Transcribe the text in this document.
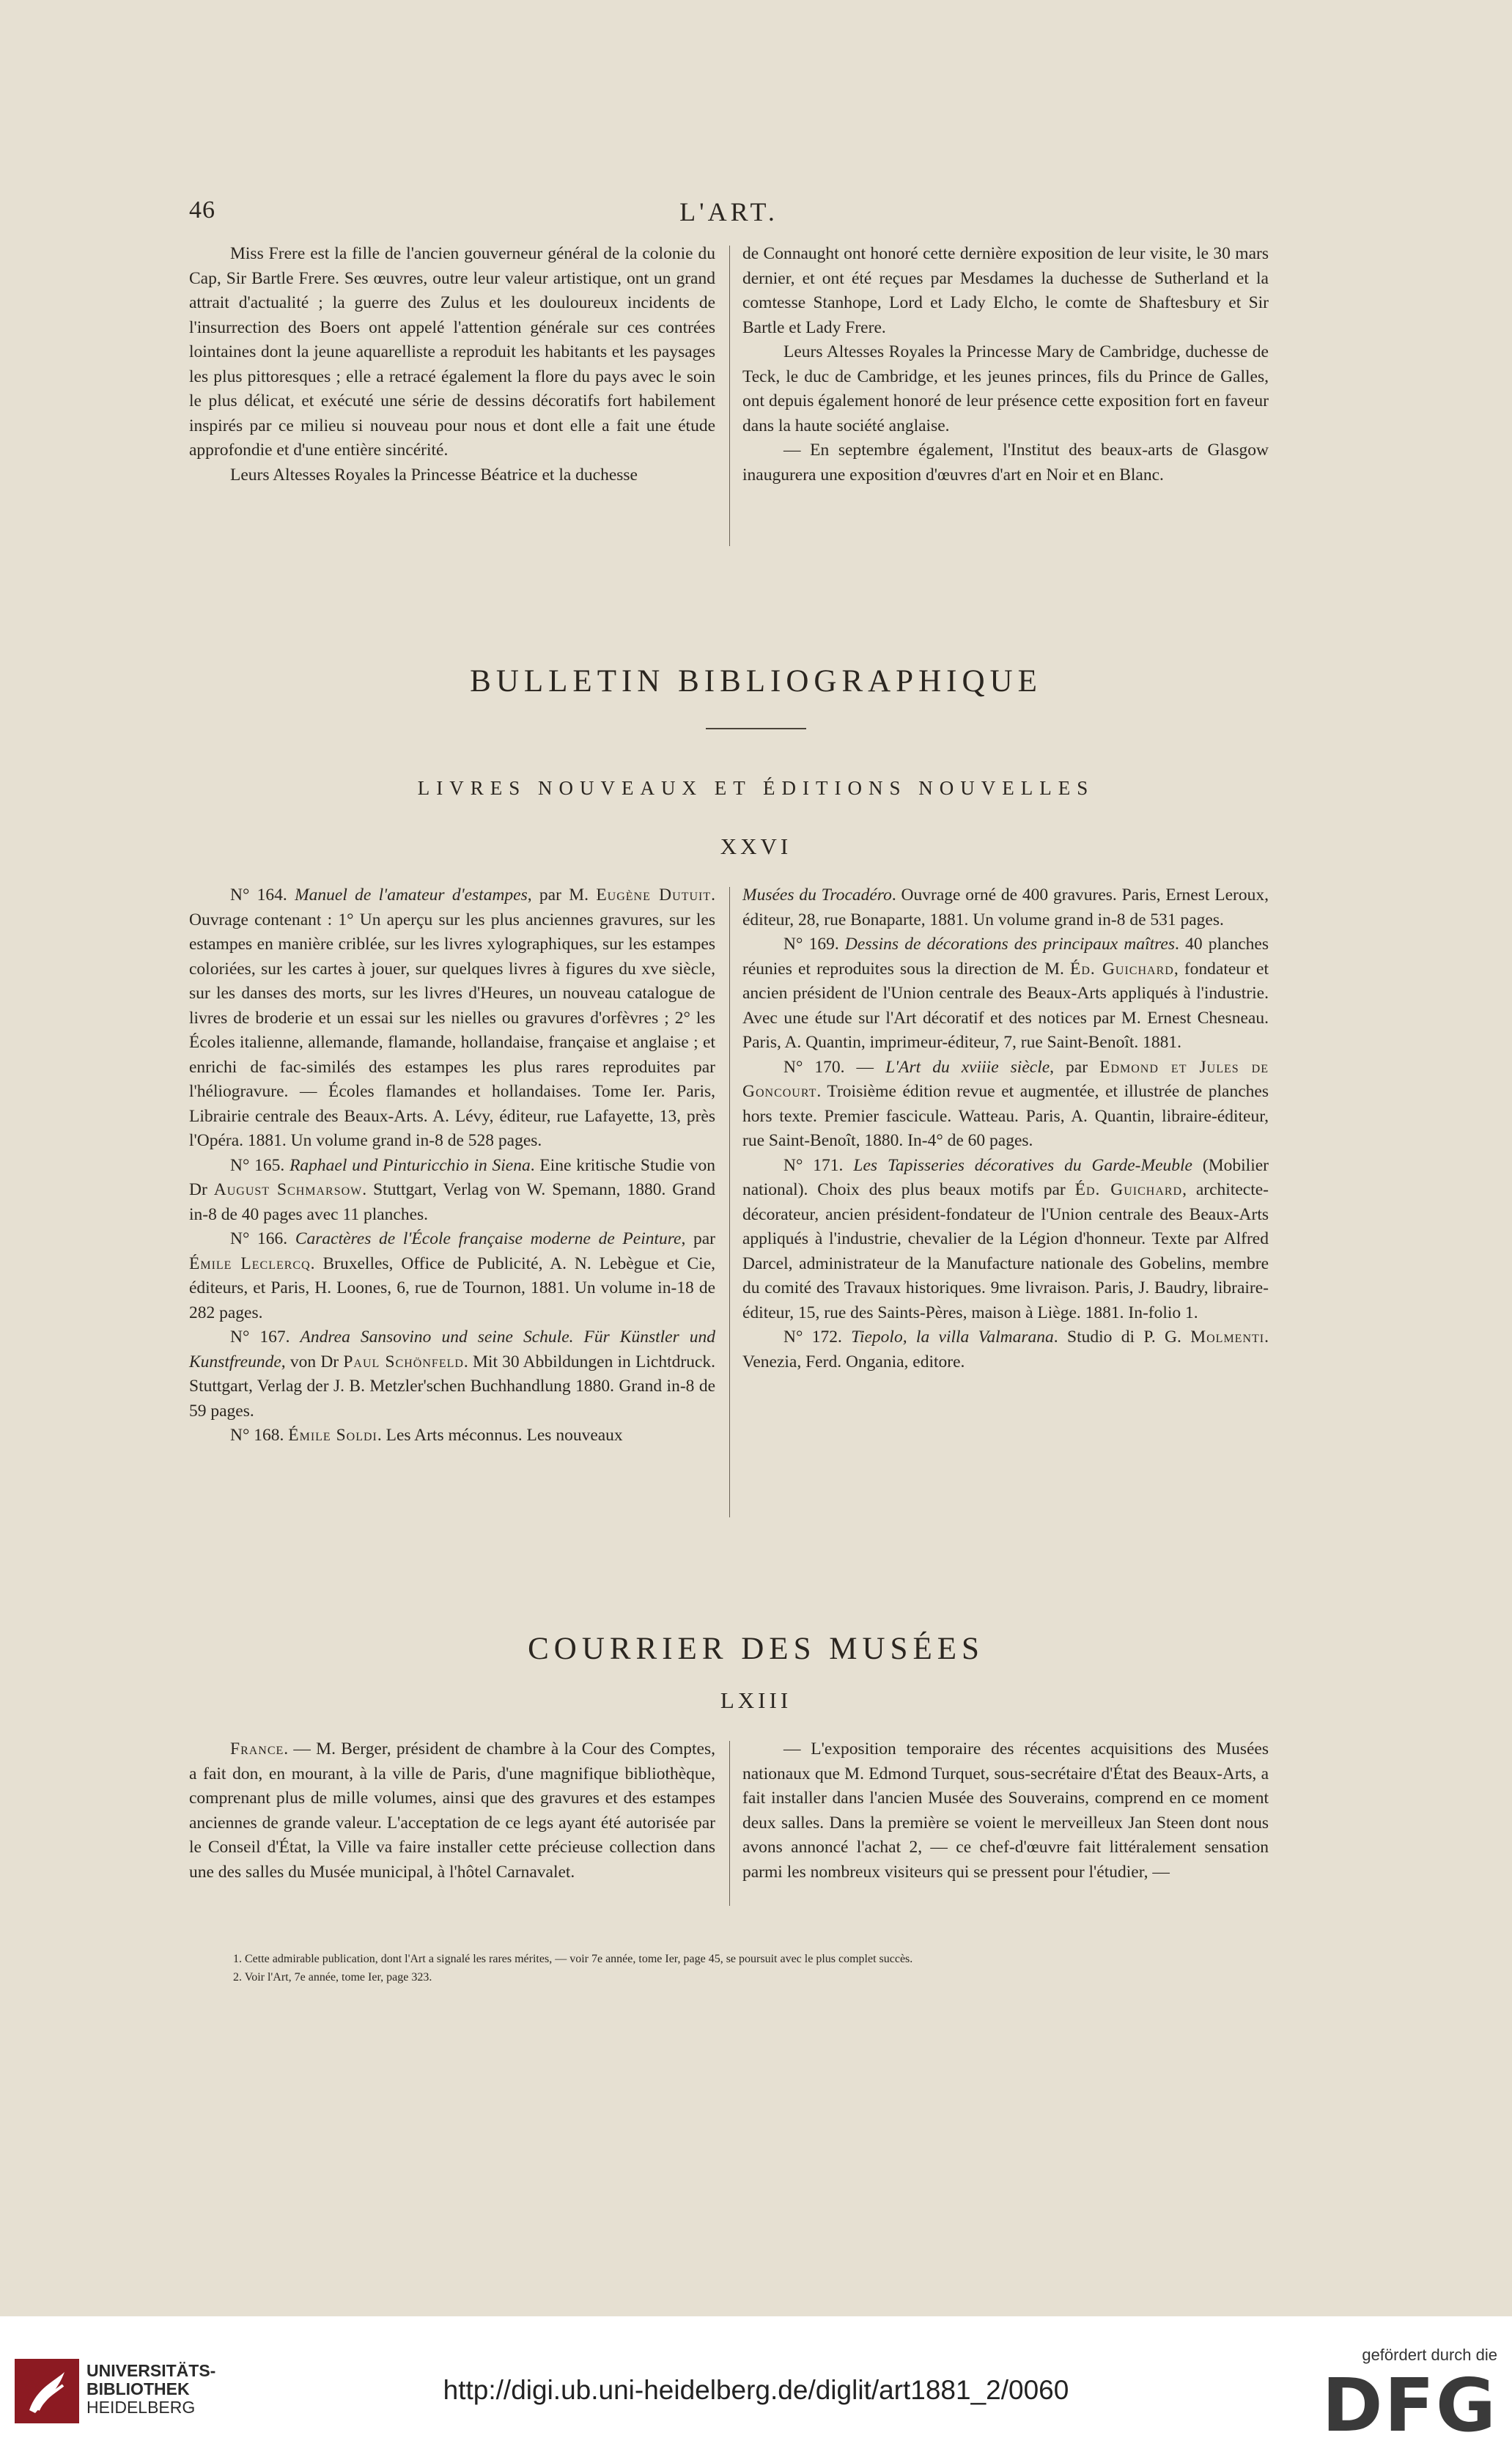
46	L'ART.

Miss Frere est la fille de l'ancien gouverneur général de la colonie du Cap, Sir Bartle Frere. Ses œuvres, outre leur valeur artistique, ont un grand attrait d'actualité ; la guerre des Zulus et les douloureux incidents de l'insurrection des Boers ont appelé l'attention générale sur ces contrées lointaines dont la jeune aquarelliste a reproduit les habitants et les paysages les plus pittoresques ; elle a retracé également la flore du pays avec le soin le plus délicat, et exécuté une série de dessins décoratifs fort habilement inspirés par ce milieu si nouveau pour nous et dont elle a fait une étude approfondie et d'une entière sincérité.

Leurs Altesses Royales la Princesse Béatrice et la duchesse

de Connaught ont honoré cette dernière exposition de leur visite, le 30 mars dernier, et ont été reçues par Mesdames la duchesse de Sutherland et la comtesse Stanhope, Lord et Lady Elcho, le comte de Shaftesbury et Sir Bartle et Lady Frere.

Leurs Altesses Royales la Princesse Mary de Cambridge, duchesse de Teck, le duc de Cambridge, et les jeunes princes, fils du Prince de Galles, ont depuis également honoré de leur présence cette exposition fort en faveur dans la haute société anglaise.

— En septembre également, l'Institut des beaux-arts de Glasgow inaugurera une exposition d'œuvres d'art en Noir et en Blanc.

BULLETIN BIBLIOGRAPHIQUE
LIVRES NOUVEAUX ET ÉDITIONS NOUVELLES
XXVI

N° 164. Manuel de l'amateur d'estampes, par M. Eugène Dutuit. Ouvrage contenant : 1° Un aperçu sur les plus anciennes gravures, sur les estampes en manière criblée, sur les livres xylographiques, sur les estampes coloriées, sur les cartes à jouer, sur quelques livres à figures du xve siècle, sur les danses des morts, sur les livres d'Heures, un nouveau catalogue de livres de broderie et un essai sur les nielles ou gravures d'orfèvres ; 2° les Écoles italienne, allemande, flamande, hollandaise, française et anglaise ; et enrichi de fac-similés des estampes les plus rares reproduites par l'héliogravure. — Écoles flamandes et hollandaises. Tome Ier. Paris, Librairie centrale des Beaux-Arts. A. Lévy, éditeur, rue Lafayette, 13, près l'Opéra. 1881. Un volume grand in-8 de 528 pages.

N° 165. Raphael und Pinturicchio in Siena. Eine kritische Studie von Dr August Schmarsow. Stuttgart, Verlag von W. Spemann, 1880. Grand in-8 de 40 pages avec 11 planches.

N° 166. Caractères de l'École française moderne de Peinture, par Émile Leclercq. Bruxelles, Office de Publicité, A. N. Lebègue et Cie, éditeurs, et Paris, H. Loones, 6, rue de Tournon, 1881. Un volume in-18 de 282 pages.

N° 167. Andrea Sansovino und seine Schule. Für Künstler und Kunstfreunde, von Dr Paul Schönfeld. Mit 30 Abbildungen in Lichtdruck. Stuttgart, Verlag der J. B. Metzler'schen Buchhandlung 1880. Grand in-8 de 59 pages.

N° 168. Émile Soldi. Les Arts méconnus. Les nouveaux

Musées du Trocadéro. Ouvrage orné de 400 gravures. Paris, Ernest Leroux, éditeur, 28, rue Bonaparte, 1881. Un volume grand in-8 de 531 pages.

N° 169. Dessins de décorations des principaux maîtres. 40 planches réunies et reproduites sous la direction de M. Éd. Guichard, fondateur et ancien président de l'Union centrale des Beaux-Arts appliqués à l'industrie. Avec une étude sur l'Art décoratif et des notices par M. Ernest Chesneau. Paris, A. Quantin, imprimeur-éditeur, 7, rue Saint-Benoît. 1881.

N° 170. — L'Art du xviiie siècle, par Edmond et Jules de Goncourt. Troisième édition revue et augmentée, et illustrée de planches hors texte. Premier fascicule. Watteau. Paris, A. Quantin, libraire-éditeur, rue Saint-Benoît, 1880. In-4° de 60 pages.

N° 171. Les Tapisseries décoratives du Garde-Meuble (Mobilier national). Choix des plus beaux motifs par Éd. Guichard, architecte-décorateur, ancien président-fondateur de l'Union centrale des Beaux-Arts appliqués à l'industrie, chevalier de la Légion d'honneur. Texte par Alfred Darcel, administrateur de la Manufacture nationale des Gobelins, membre du comité des Travaux historiques. 9me livraison. Paris, J. Baudry, libraire-éditeur, 15, rue des Saints-Pères, maison à Liège. 1881. In-folio 1.

N° 172. Tiepolo, la villa Valmarana. Studio di P. G. Molmenti. Venezia, Ferd. Ongania, editore.

COURRIER DES MUSÉES
LXIII

France. — M. Berger, président de chambre à la Cour des Comptes, a fait don, en mourant, à la ville de Paris, d'une magnifique bibliothèque, comprenant plus de mille volumes, ainsi que des gravures et des estampes anciennes de grande valeur. L'acceptation de ce legs ayant été autorisée par le Conseil d'État, la Ville va faire installer cette précieuse collection dans une des salles du Musée municipal, à l'hôtel Carnavalet.

— L'exposition temporaire des récentes acquisitions des Musées nationaux que M. Edmond Turquet, sous-secrétaire d'État des Beaux-Arts, a fait installer dans l'ancien Musée des Souverains, comprend en ce moment deux salles. Dans la première se voient le merveilleux Jan Steen dont nous avons annoncé l'achat 2, — ce chef-d'œuvre fait littéralement sensation parmi les nombreux visiteurs qui se pressent pour l'étudier, —

1. Cette admirable publication, dont l'Art a signalé les rares mérites, — voir 7e année, tome Ier, page 45, se poursuit avec le plus complet succès.
2. Voir l'Art, 7e année, tome Ier, page 323.
UNIVERSITÄTS-
BIBLIOTHEK
HEIDELBERG
http://digi.ub.uni-heidelberg.de/diglit/art1881_2/0060
gefördert durch die
DFG
